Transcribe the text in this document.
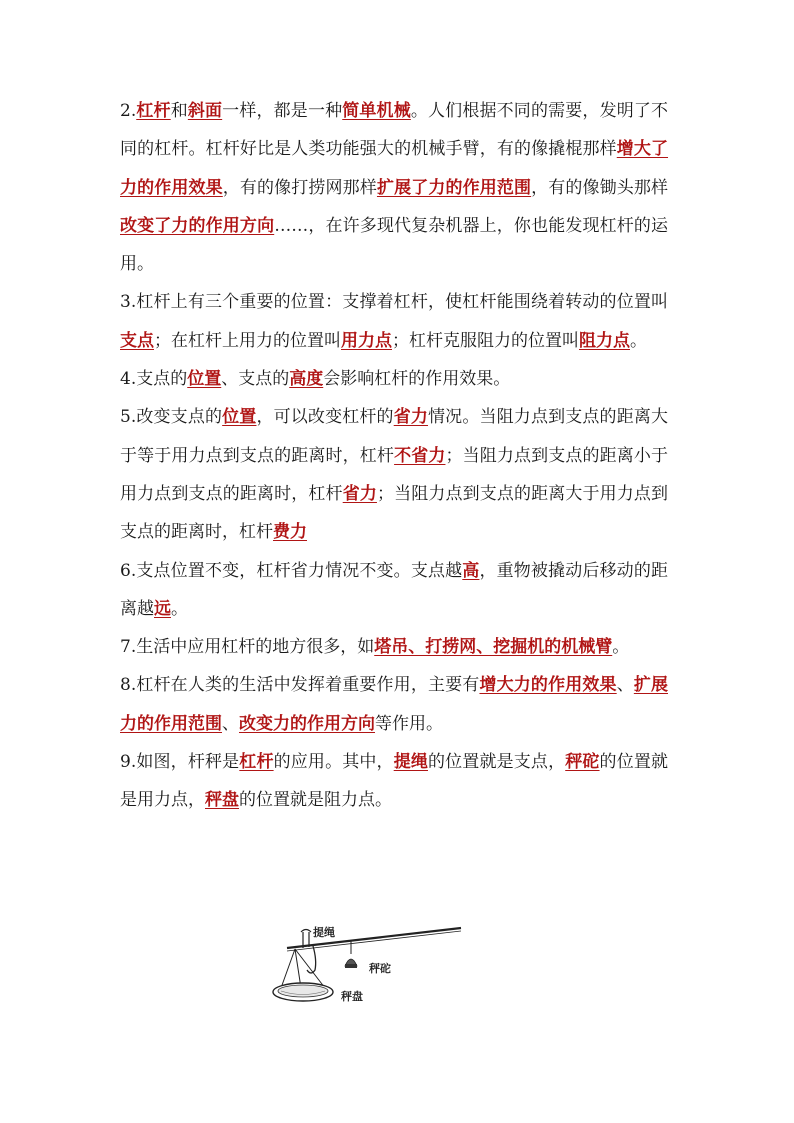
2.杠杆和斜面一样，都是一种简单机械。人们根据不同的需要，发明了不同的杠杆。杠杆好比是人类功能强大的机械手臂，有的像撬棍那样增大了力的作用效果，有的像打捞网那样扩展了力的作用范围，有的像锄头那样改变了力的作用方向……，在许多现代复杂机器上，你也能发现杠杆的运用。

3.杠杆上有三个重要的位置：支撑着杠杆，使杠杆能围绕着转动的位置叫支点；在杠杆上用力的位置叫用力点；杠杆克服阻力的位置叫阻力点。

4.支点的位置、支点的高度会影响杠杆的作用效果。

5.改变支点的位置，可以改变杠杆的省力情况。当阻力点到支点的距离大于等于用力点到支点的距离时，杠杆不省力；当阻力点到支点的距离小于用力点到支点的距离时，杠杆省力；当阻力点到支点的距离大于用力点到支点的距离时，杠杆费力

6.支点位置不变，杠杆省力情况不变。支点越高，重物被撬动后移动的距离越远。

7.生活中应用杠杆的地方很多，如塔吊、打捞网、挖掘机的机械臂。

8.杠杆在人类的生活中发挥着重要作用，主要有增大力的作用效果、扩展力的作用范围、改变力的作用方向等作用。

9.如图，杆秤是杠杆的应用。其中，提绳的位置就是支点，秤砣的位置就是用力点，秤盘的位置就是阻力点。

提绳
秤砣
秤盘
